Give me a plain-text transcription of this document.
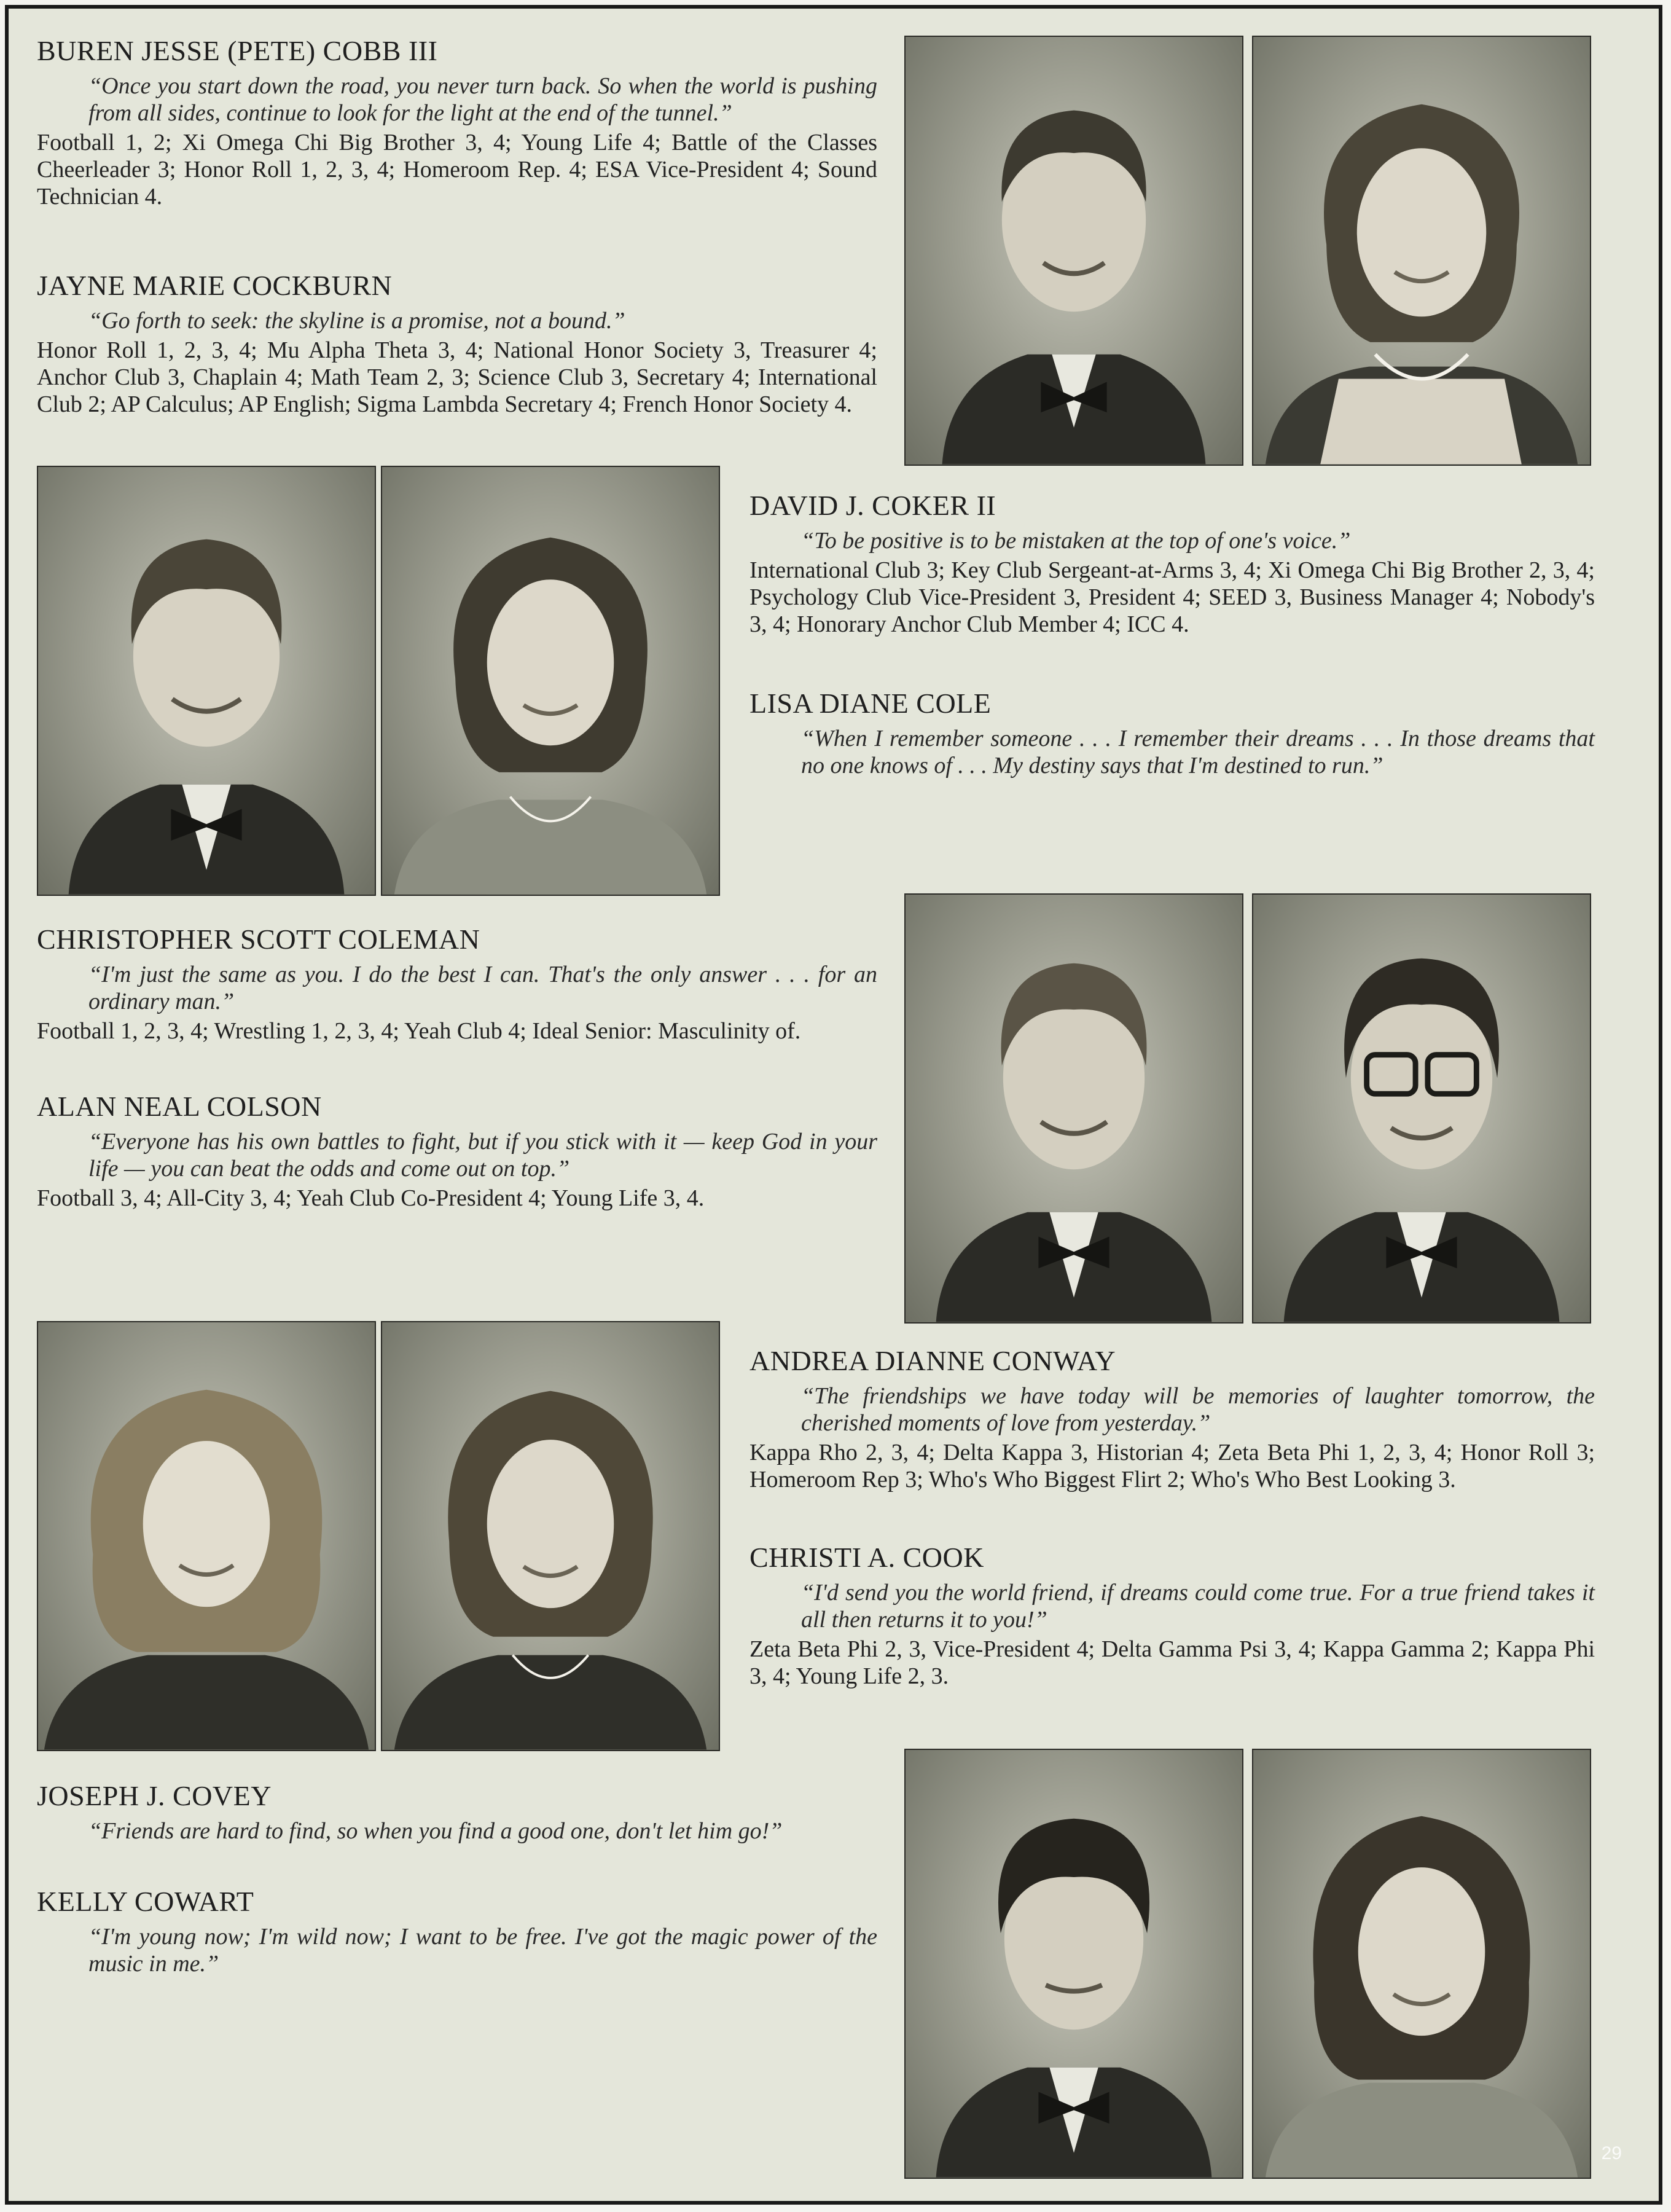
BUREN JESSE (PETE) COBB III

“Once you start down the road, you never turn back. So when the world is pushing from all sides, continue to look for the light at the end of the tunnel.”

Football 1, 2; Xi Omega Chi Big Brother 3, 4; Young Life 4; Battle of the Classes Cheerleader 3; Honor Roll 1, 2, 3, 4; Homeroom Rep. 4; ESA Vice-President 4; Sound Technician 4.

JAYNE MARIE COCKBURN

“Go forth to seek: the skyline is a promise, not a bound.”

Honor Roll 1, 2, 3, 4; Mu Alpha Theta 3, 4; National Honor Society 3, Treasurer 4; Anchor Club 3, Chaplain 4; Math Team 2, 3; Science Club 3, Secretary 4; International Club 2; AP Calculus; AP English; Sigma Lambda Secretary 4; French Honor Society 4.

DAVID J. COKER II

“To be positive is to be mistaken at the top of one's voice.”

International Club 3; Key Club Sergeant-at-Arms 3, 4; Xi Omega Chi Big Brother 2, 3, 4; Psychology Club Vice-President 3, President 4; SEED 3, Business Manager 4; Nobody's 3, 4; Honorary Anchor Club Member 4; ICC 4.

LISA DIANE COLE

“When I remember someone . . . I remember their dreams . . . In those dreams that no one knows of . . . My destiny says that I'm destined to run.”

CHRISTOPHER SCOTT COLEMAN

“I'm just the same as you. I do the best I can. That's the only answer . . . for an ordinary man.”

Football 1, 2, 3, 4; Wrestling 1, 2, 3, 4; Yeah Club 4; Ideal Senior: Masculinity of.

ALAN NEAL COLSON

“Everyone has his own battles to fight, but if you stick with it — keep God in your life — you can beat the odds and come out on top.”

Football 3, 4; All-City 3, 4; Yeah Club Co-President 4; Young Life 3, 4.

ANDREA DIANNE CONWAY

“The friendships we have today will be memories of laughter tomorrow, the cherished moments of love from yesterday.”

Kappa Rho 2, 3, 4; Delta Kappa 3, Historian 4; Zeta Beta Phi 1, 2, 3, 4; Honor Roll 3; Homeroom Rep 3; Who's Who Biggest Flirt 2; Who's Who Best Looking 3.

CHRISTI A. COOK

“I'd send you the world friend, if dreams could come true. For a true friend takes it all then returns it to you!”

Zeta Beta Phi 2, 3, Vice-President 4; Delta Gamma Psi 3, 4; Kappa Gamma 2; Kappa Phi 3, 4; Young Life 2, 3.

JOSEPH J. COVEY

“Friends are hard to find, so when you find a good one, don't let him go!”

KELLY COWART

“I'm young now; I'm wild now; I want to be free. I've got the magic power of the music in me.”

29
